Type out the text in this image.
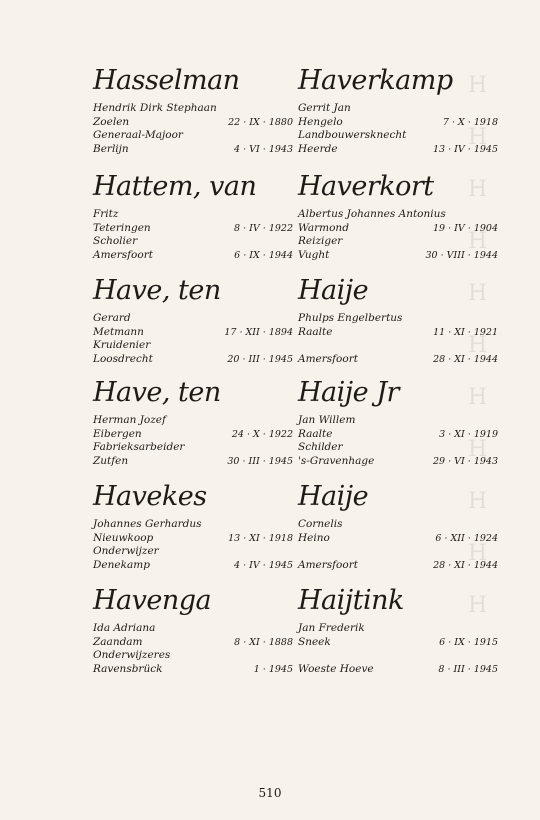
H
H
H
H
H
H
H
H
H
H
H
Hasselman
Hendrik Dirk Stephaan
Zoelen	22 · IX · 1880
Generaal-Majoor
Berlijn	4 · VI · 1943
Hattem, van
Fritz
Teteringen	8 · IV · 1922
Scholier
Amersfoort	6 · IX · 1944
Have, ten
Gerard
Metmann	17 · XII · 1894
Kruidenier
Loosdrecht	20 · III · 1945
Have, ten
Herman Jozef
Eibergen	24 · X · 1922
Fabrieksarbeider
Zutfen	30 · III · 1945
Havekes
Johannes Gerhardus
Nieuwkoop	13 · XI · 1918
Onderwijzer
Denekamp	4 · IV · 1945
Havenga
Ida Adriana
Zaandam	8 · XI · 1888
Onderwijzeres
Ravensbrück	1 · 1945
Haverkamp
Gerrit Jan
Hengelo	7 · X · 1918
Landbouwersknecht
Heerde	13 · IV · 1945
Haverkort
Albertus Johannes Antonius
Warmond	19 · IV · 1904
Reiziger
Vught	30 · VIII · 1944
Haije
Phulps Engelbertus
Raalte	11 · XI · 1921
Amersfoort	28 · XI · 1944
Haije Jr
Jan Willem
Raalte	3 · XI · 1919
Schilder
's-Gravenhage	29 · VI · 1943
Haije
Cornelis
Heino	6 · XII · 1924
Amersfoort	28 · XI · 1944
Haijtink
Jan Frederik
Sneek	6 · IX · 1915
Woeste Hoeve	8 · III · 1945
510
